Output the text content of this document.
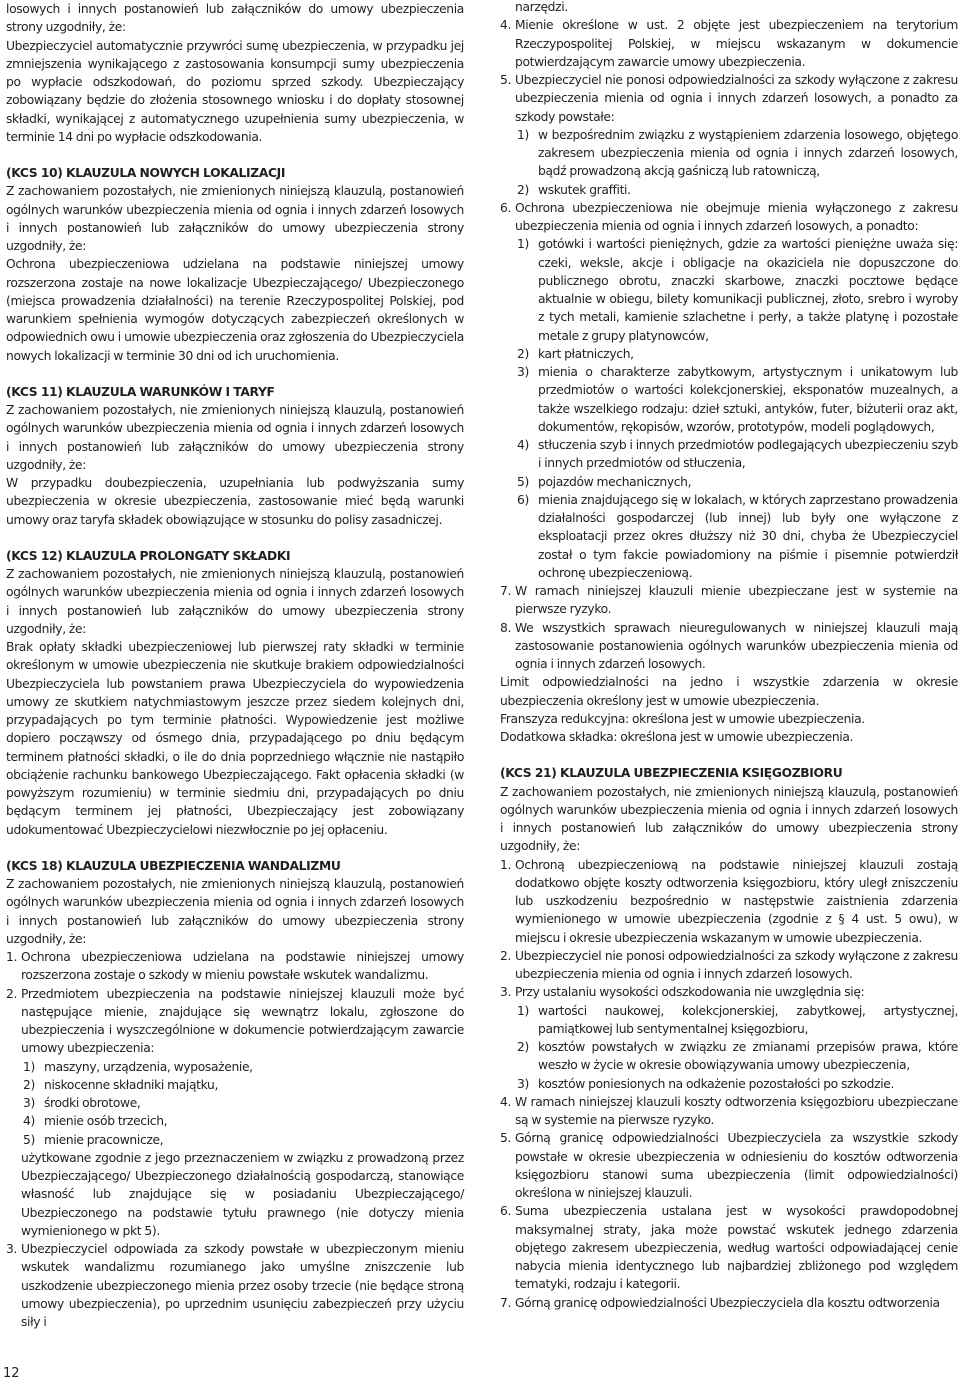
losowych i innych postanowień lub załączników do umowy ubezpieczenia strony uzgodniły, że:
Ubezpieczyciel automatycznie przywróci sumę ubezpieczenia, w przypadku jej zmniejszenia wynikającego z zastosowania konsumpcji sumy ubezpieczenia po wypłacie odszkodowań, do poziomu sprzed szkody. Ubezpieczający zobowiązany będzie do złożenia stosownego wniosku i do dopłaty stosownej składki, wynikającej z automatycznego uzupełnienia sumy ubezpieczenia, w terminie 14 dni po wypłacie odszkodowania.
(KCS 10) KLAUZULA NOWYCH LOKALIZACJI
Z zachowaniem pozostałych, nie zmienionych niniejszą klauzulą, postanowień ogólnych warunków ubezpieczenia mienia od ognia i innych zdarzeń losowych i innych postanowień lub załączników do umowy ubezpieczenia strony uzgodniły, że:
Ochrona ubezpieczeniowa udzielana na podstawie niniejszej umowy rozszerzona zostaje na nowe lokalizacje Ubezpieczającego/ Ubezpieczonego (miejsca prowadzenia działalności) na terenie Rzeczypospolitej Polskiej, pod warunkiem spełnienia wymogów dotyczących zabezpieczeń określonych w odpowiednich owu i umowie ubezpieczenia oraz zgłoszenia do Ubezpieczyciela nowych lokalizacji w terminie 30 dni od ich uruchomienia.
(KCS 11) KLAUZULA WARUNKÓW I TARYF
Z zachowaniem pozostałych, nie zmienionych niniejszą klauzulą, postanowień ogólnych warunków ubezpieczenia mienia od ognia i innych zdarzeń losowych i innych postanowień lub załączników do umowy ubezpieczenia strony uzgodniły, że:
W przypadku doubezpieczenia, uzupełniania lub podwyższania sumy ubezpieczenia w okresie ubezpieczenia, zastosowanie mieć będą warunki umowy oraz taryfa składek obowiązujące w stosunku do polisy zasadniczej.
(KCS 12) KLAUZULA PROLONGATY SKŁADKI
Z zachowaniem pozostałych, nie zmienionych niniejszą klauzulą, postanowień ogólnych warunków ubezpieczenia mienia od ognia i innych zdarzeń losowych i innych postanowień lub załączników do umowy ubezpieczenia strony uzgodniły, że:
Brak opłaty składki ubezpieczeniowej lub pierwszej raty składki w terminie określonym w umowie ubezpieczenia nie skutkuje brakiem odpowiedzialności Ubezpieczyciela lub powstaniem prawa Ubezpieczyciela do wypowiedzenia umowy ze skutkiem natychmiastowym jeszcze przez siedem kolejnych dni, przypadających po tym terminie płatności. Wypowiedzenie jest możliwe dopiero począwszy od ósmego dnia, przypadającego po dniu będącym terminem płatności składki, o ile do dnia poprzedniego włącznie nie nastąpiło obciążenie rachunku bankowego Ubezpieczającego. Fakt opłacenia składki (w powyższym rozumieniu) w terminie siedmiu dni, przypadających po dniu będącym terminem jej płatności, Ubezpieczający jest zobowiązany udokumentować Ubezpieczycielowi niezwłocznie po jej opłaceniu.
(KCS 18) KLAUZULA UBEZPIECZENIA WANDALIZMU
Z zachowaniem pozostałych, nie zmienionych niniejszą klauzulą, postanowień ogólnych warunków ubezpieczenia mienia od ognia i innych zdarzeń losowych i innych postanowień lub załączników do umowy ubezpieczenia strony uzgodniły, że:
1. Ochrona ubezpieczeniowa udzielana na podstawie niniejszej umowy rozszerzona zostaje o szkody w mieniu powstałe wskutek wandalizmu.
2. Przedmiotem ubezpieczenia na podstawie niniejszej klauzuli może być następujące mienie, znajdujące się wewnątrz lokalu, zgłoszone do ubezpieczenia i wyszczególnione w dokumencie potwierdzającym zawarcie umowy ubezpieczenia:
1) maszyny, urządzenia, wyposażenie,
2) niskocenne składniki majątku,
3) środki obrotowe,
4) mienie osób trzecich,
5) mienie pracownicze,
użytkowane zgodnie z jego przeznaczeniem w związku z prowadzoną przez Ubezpieczającego/ Ubezpieczonego działalnością gospodarczą, stanowiące własność lub znajdujące się w posiadaniu Ubezpieczającego/ Ubezpieczonego na podstawie tytułu prawnego (nie dotyczy mienia wymienionego w pkt 5).
3. Ubezpieczyciel odpowiada za szkody powstałe w ubezpieczonym mieniu wskutek wandalizmu rozumianego jako umyślne zniszczenie lub uszkodzenie ubezpieczonego mienia przez osoby trzecie (nie będące stroną umowy ubezpieczenia), po uprzednim usunięciu zabezpieczeń przy użyciu siły i
narzędzi.
4. Mienie określone w ust. 2 objęte jest ubezpieczeniem na terytorium Rzeczypospolitej Polskiej, w miejscu wskazanym w dokumencie potwierdzającym zawarcie umowy ubezpieczenia.
5. Ubezpieczyciel nie ponosi odpowiedzialności za szkody wyłączone z zakresu ubezpieczenia mienia od ognia i innych zdarzeń losowych, a ponadto za szkody powstałe:
1) w bezpośrednim związku z wystąpieniem zdarzenia losowego, objętego zakresem ubezpieczenia mienia od ognia i innych zdarzeń losowych, bądź prowadzoną akcją gaśniczą lub ratowniczą,
2) wskutek graffiti.
6. Ochrona ubezpieczeniowa nie obejmuje mienia wyłączonego z zakresu ubezpieczenia mienia od ognia i innych zdarzeń losowych, a ponadto:
1) gotówki i wartości pieniężnych, gdzie za wartości pieniężne uważa się: czeki, weksle, akcje i obligacje na okaziciela nie dopuszczone do publicznego obrotu, znaczki skarbowe, znaczki pocztowe będące aktualnie w obiegu, bilety komunikacji publicznej, złoto, srebro i wyroby z tych metali, kamienie szlachetne i perły, a także platynę i pozostałe metale z grupy platynowców,
2) kart płatniczych,
3) mienia o charakterze zabytkowym, artystycznym i unikatowym lub przedmiotów o wartości kolekcjonerskiej, eksponatów muzealnych, a także wszelkiego rodzaju: dzieł sztuki, antyków, futer, biżuterii oraz akt, dokumentów, rękopisów, wzorów, prototypów, modeli poglądowych,
4) stłuczenia szyb i innych przedmiotów podlegających ubezpieczeniu szyb i innych przedmiotów od stłuczenia,
5) pojazdów mechanicznych,
6) mienia znajdującego się w lokalach, w których zaprzestano prowadzenia działalności gospodarczej (lub innej) lub były one wyłączone z eksploatacji przez okres dłuższy niż 30 dni, chyba że Ubezpieczyciel został o tym fakcie powiadomiony na piśmie i pisemnie potwierdził ochronę ubezpieczeniową.
7. W ramach niniejszej klauzuli mienie ubezpieczane jest w systemie na pierwsze ryzyko.
8. We wszystkich sprawach nieuregulowanych w niniejszej klauzuli mają zastosowanie postanowienia ogólnych warunków ubezpieczenia mienia od ognia i innych zdarzeń losowych.
Limit odpowiedzialności na jedno i wszystkie zdarzenia w okresie ubezpieczenia określony jest w umowie ubezpieczenia.
Franszyza redukcyjna: określona jest w umowie ubezpieczenia.
Dodatkowa składka: określona jest w umowie ubezpieczenia.
(KCS 21) KLAUZULA UBEZPIECZENIA KSIĘGOZBIORU
Z zachowaniem pozostałych, nie zmienionych niniejszą klauzulą, postanowień ogólnych warunków ubezpieczenia mienia od ognia i innych zdarzeń losowych i innych postanowień lub załączników do umowy ubezpieczenia strony uzgodniły, że:
1. Ochroną ubezpieczeniową na podstawie niniejszej klauzuli zostają dodatkowo objęte koszty odtworzenia księgozbioru, który uległ zniszczeniu lub uszkodzeniu bezpośrednio w następstwie zaistnienia zdarzenia wymienionego w umowie ubezpieczenia (zgodnie z § 4 ust. 5 owu), w miejscu i okresie ubezpieczenia wskazanym w umowie ubezpieczenia.
2. Ubezpieczyciel nie ponosi odpowiedzialności za szkody wyłączone z zakresu ubezpieczenia mienia od ognia i innych zdarzeń losowych.
3. Przy ustalaniu wysokości odszkodowania nie uwzględnia się:
1) wartości naukowej, kolekcjonerskiej, zabytkowej, artystycznej, pamiątkowej lub sentymentalnej księgozbioru,
2) kosztów powstałych w związku ze zmianami przepisów prawa, które weszło w życie w okresie obowiązywania umowy ubezpieczenia,
3) kosztów poniesionych na odkażenie pozostałości po szkodzie.
4. W ramach niniejszej klauzuli koszty odtworzenia księgozbioru ubezpieczane są w systemie na pierwsze ryzyko.
5. Górną granicę odpowiedzialności Ubezpieczyciela za wszystkie szkody powstałe w okresie ubezpieczenia w odniesieniu do kosztów odtworzenia księgozbioru stanowi suma ubezpieczenia (limit odpowiedzialności) określona w niniejszej klauzuli.
6. Suma ubezpieczenia ustalana jest w wysokości prawdopodobnej maksymalnej straty, jaka może powstać wskutek jednego zdarzenia objętego zakresem ubezpieczenia, według wartości odpowiadającej cenie nabycia mienia identycznego lub najbardziej zbliżonego pod względem tematyki, rodzaju i kategorii.
7. Górną granicę odpowiedzialności Ubezpieczyciela dla kosztu odtworzenia
12
